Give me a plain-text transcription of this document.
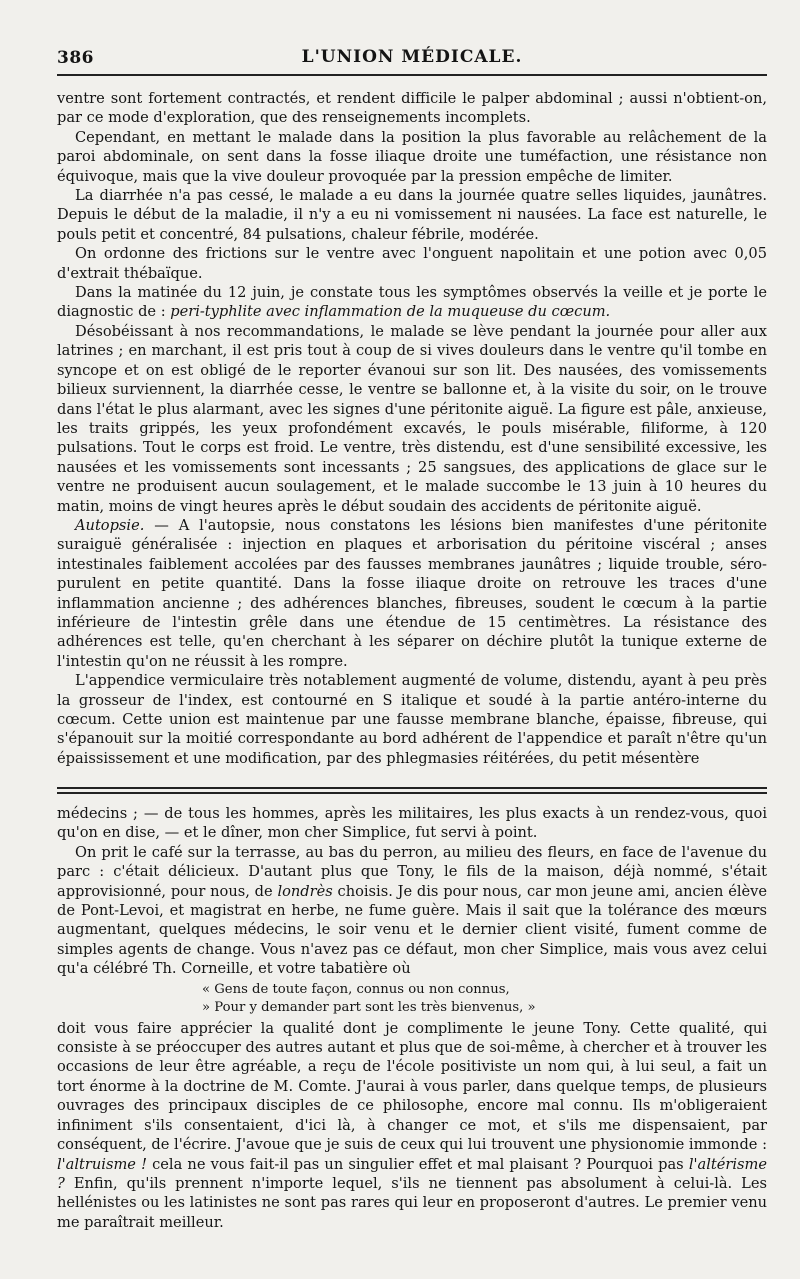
386	L'UNION MÉDICALE.

ventre sont fortement contractés, et rendent difficile le palper abdominal ; aussi n'obtient-on, par ce mode d'exploration, que des renseignements incomplets.

Cependant, en mettant le malade dans la position la plus favorable au relâchement de la paroi abdominale, on sent dans la fosse iliaque droite une tuméfaction, une résistance non équivoque, mais que la vive douleur provoquée par la pression empêche de limiter.

La diarrhée n'a pas cessé, le malade a eu dans la journée quatre selles liquides, jaunâtres. Depuis le début de la maladie, il n'y a eu ni vomissement ni nausées. La face est naturelle, le pouls petit et concentré, 84 pulsations, chaleur fébrile, modérée.

On ordonne des frictions sur le ventre avec l'onguent napolitain et une potion avec 0,05 d'extrait thébaïque.

Dans la matinée du 12 juin, je constate tous les symptômes observés la veille et je porte le diagnostic de : peri-typhlite avec inflammation de la muqueuse du cœcum.

Désobéissant à nos recommandations, le malade se lève pendant la journée pour aller aux latrines ; en marchant, il est pris tout à coup de si vives douleurs dans le ventre qu'il tombe en syncope et on est obligé de le reporter évanoui sur son lit. Des nausées, des vomissements bilieux surviennent, la diarrhée cesse, le ventre se ballonne et, à la visite du soir, on le trouve dans l'état le plus alarmant, avec les signes d'une péritonite aiguë. La figure est pâle, anxieuse, les traits grippés, les yeux profondément excavés, le pouls misérable, filiforme, à 120 pulsations. Tout le corps est froid. Le ventre, très distendu, est d'une sensibilité excessive, les nausées et les vomissements sont incessants ; 25 sangsues, des applications de glace sur le ventre ne produisent aucun soulagement, et le malade succombe le 13 juin à 10 heures du matin, moins de vingt heures après le début soudain des accidents de péritonite aiguë.

Autopsie. — A l'autopsie, nous constatons les lésions bien manifestes d'une péritonite suraiguë généralisée : injection en plaques et arborisation du péritoine viscéral ; anses intestinales faiblement accolées par des fausses membranes jaunâtres ; liquide trouble, séro-purulent en petite quantité. Dans la fosse iliaque droite on retrouve les traces d'une inflammation ancienne ; des adhérences blanches, fibreuses, soudent le cœcum à la partie inférieure de l'intestin grêle dans une étendue de 15 centimètres. La résistance des adhérences est telle, qu'en cherchant à les séparer on déchire plutôt la tunique externe de l'intestin qu'on ne réussit à les rompre.

L'appendice vermiculaire très notablement augmenté de volume, distendu, ayant à peu près la grosseur de l'index, est contourné en S italique et soudé à la partie antéro-interne du cœcum. Cette union est maintenue par une fausse membrane blanche, épaisse, fibreuse, qui s'épanouit sur la moitié correspondante au bord adhérent de l'appendice et paraît n'être qu'un épaississement et une modification, par des phlegmasies réitérées, du petit mésentère

médecins ; — de tous les hommes, après les militaires, les plus exacts à un rendez-vous, quoi qu'on en dise, — et le dîner, mon cher Simplice, fut servi à point.

On prit le café sur la terrasse, au bas du perron, au milieu des fleurs, en face de l'avenue du parc : c'était délicieux. D'autant plus que Tony, le fils de la maison, déjà nommé, s'était approvisionné, pour nous, de londrès choisis. Je dis pour nous, car mon jeune ami, ancien élève de Pont-Levoi, et magistrat en herbe, ne fume guère. Mais il sait que la tolérance des mœurs augmentant, quelques médecins, le soir venu et le dernier client visité, fument comme de simples agents de change. Vous n'avez pas ce défaut, mon cher Simplice, mais vous avez celui qu'a célébré Th. Corneille, et votre tabatière où

« Gens de toute façon, connus ou non connus,
» Pour y demander part sont les très bienvenus, »

doit vous faire apprécier la qualité dont je complimente le jeune Tony. Cette qualité, qui consiste à se préoccuper des autres autant et plus que de soi-même, à chercher et à trouver les occasions de leur être agréable, a reçu de l'école positiviste un nom qui, à lui seul, a fait un tort énorme à la doctrine de M. Comte. J'aurai à vous parler, dans quelque temps, de plusieurs ouvrages des principaux disciples de ce philosophe, encore mal connu. Ils m'obligeraient infiniment s'ils consentaient, d'ici là, à changer ce mot, et s'ils me dispensaient, par conséquent, de l'écrire. J'avoue que je suis de ceux qui lui trouvent une physionomie immonde : l'altruisme ! cela ne vous fait-il pas un singulier effet et mal plaisant ? Pourquoi pas l'altérisme ? Enfin, qu'ils prennent n'importe lequel, s'ils ne tiennent pas absolument à celui-là. Les hellénistes ou les latinistes ne sont pas rares qui leur en proposeront d'autres. Le premier venu me paraîtrait meilleur.
